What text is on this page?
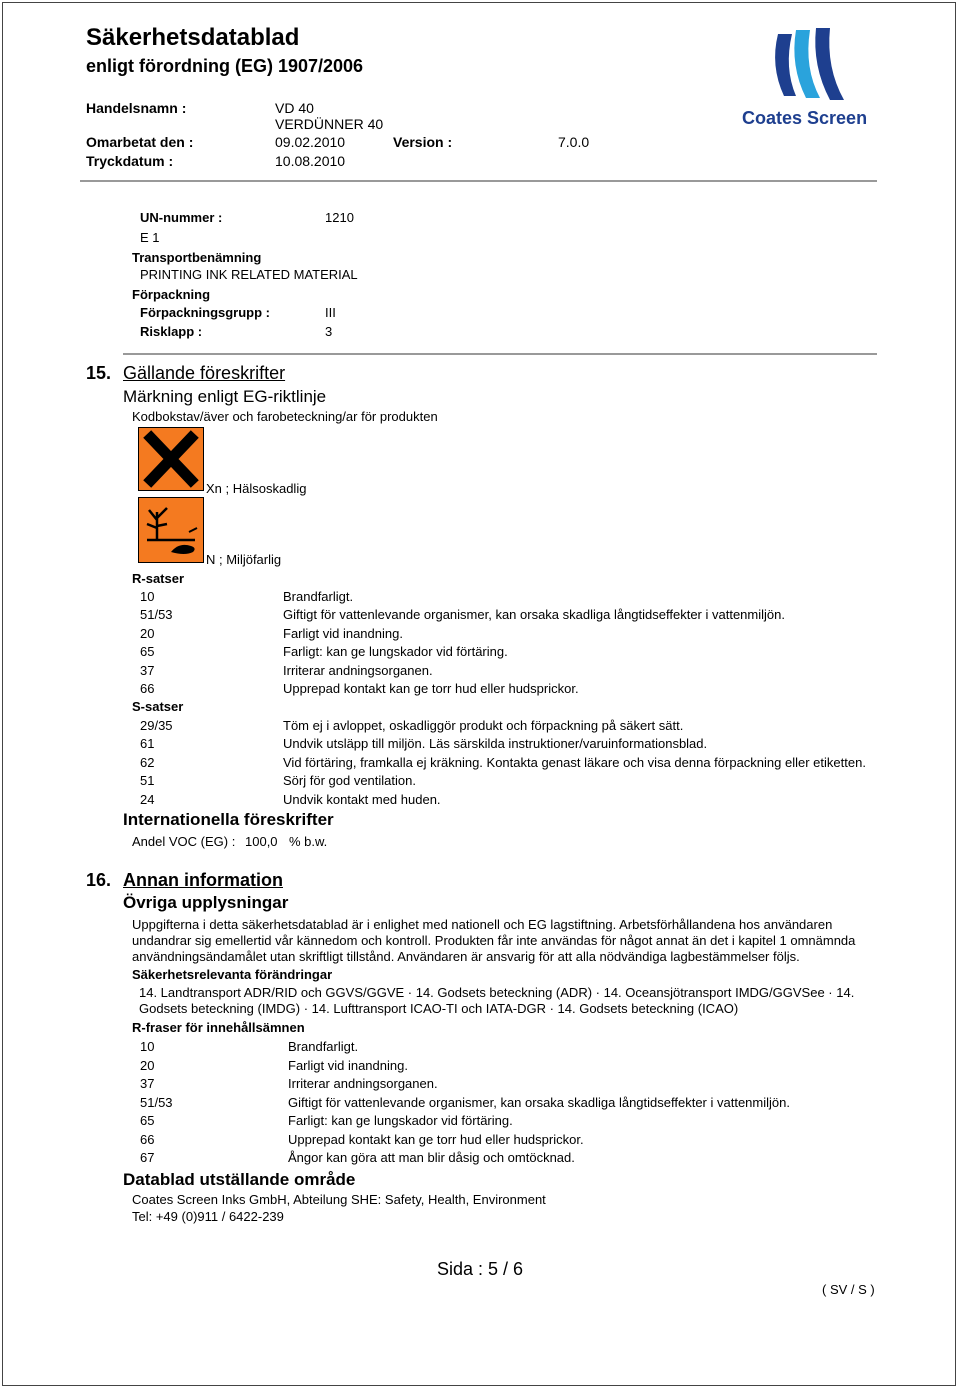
Säkerhetsdatablad
enligt förordning (EG) 1907/2006
Handelsnamn :	VD 40
VERDÜNNER 40
Omarbetat den :	09.02.2010	Version :	7.0.0
Tryckdatum :	10.08.2010
Coates Screen
UN-nummer :	1210
E 1
Transportbenämning
PRINTING INK RELATED MATERIAL
Förpackning
Förpackningsgrupp :	III
Risklapp :	3
15. Gällande föreskrifter
Märkning enligt EG-riktlinje
Kodbokstav/äver och farobeteckning/ar för produkten
Xn ; Hälsoskadlig
N ; Miljöfarlig
R-satser
10	Brandfarligt.
51/53	Giftigt för vattenlevande organismer, kan orsaka skadliga långtidseffekter i vattenmiljön.
20	Farligt vid inandning.
65	Farligt: kan ge lungskador vid förtäring.
37	Irriterar andningsorganen.
66	Upprepad kontakt kan ge torr hud eller hudsprickor.
S-satser
29/35	Töm ej i avloppet, oskadliggör produkt och förpackning på säkert sätt.
61	Undvik utsläpp till miljön. Läs särskilda instruktioner/varuinformationsblad.
62	Vid förtäring, framkalla ej kräkning. Kontakta genast läkare och visa denna förpackning eller etiketten.
51	Sörj för god ventilation.
24	Undvik kontakt med huden.
Internationella föreskrifter
Andel VOC (EG) : 100,0 % b.w.
16. Annan information
Övriga upplysningar
Uppgifterna i detta säkerhetsdatablad är i enlighet med nationell och EG lagstiftning. Arbetsförhållandena hos användaren undandrar sig emellertid vår kännedom och kontroll. Produkten får inte användas för något annat än det i kapitel 1 omnämnda användningsändamålet utan skriftligt tillstånd. Användaren är ansvarig för att alla nödvändiga lagbestämmelser följs.
Säkerhetsrelevanta förändringar
14. Landtransport ADR/RID och GGVS/GGVE · 14. Godsets beteckning (ADR) · 14. Oceansjötransport IMDG/GGVSee · 14. Godsets beteckning (IMDG) · 14. Lufttransport ICAO-TI och IATA-DGR · 14. Godsets beteckning (ICAO)
R-fraser för innehållsämnen
10	Brandfarligt.
20	Farligt vid inandning.
37	Irriterar andningsorganen.
51/53	Giftigt för vattenlevande organismer, kan orsaka skadliga långtidseffekter i vattenmiljön.
65	Farligt: kan ge lungskador vid förtäring.
66	Upprepad kontakt kan ge torr hud eller hudsprickor.
67	Ångor kan göra att man blir dåsig och omtöcknad.
Datablad utställande område
Coates Screen Inks GmbH, Abteilung SHE: Safety, Health, Environment
Tel: +49 (0)911 / 6422-239
Sida : 5 / 6
( SV / S )
